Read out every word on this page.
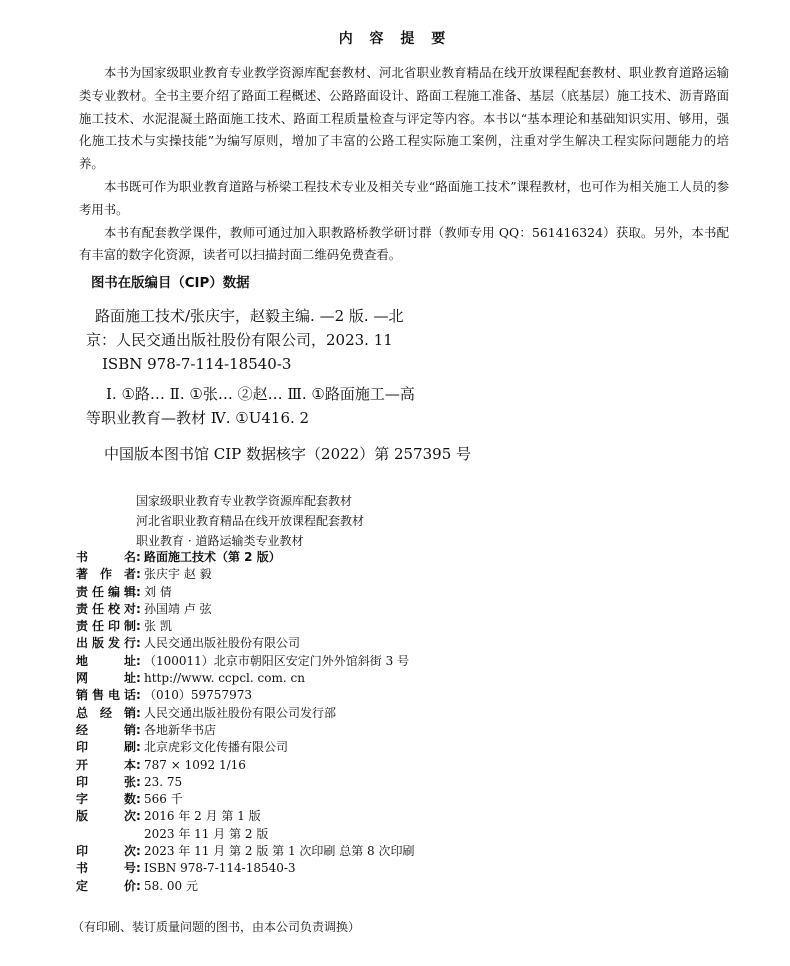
内 容 提 要

本书为国家级职业教育专业教学资源库配套教材、河北省职业教育精品在线开放课程配套教材、职业教育道路运输类专业教材。全书主要介绍了路面工程概述、公路路面设计、路面工程施工准备、基层（底基层）施工技术、沥青路面施工技术、水泥混凝土路面施工技术、路面工程质量检查与评定等内容。本书以“基本理论和基础知识实用、够用，强化施工技术与实操技能”为编写原则，增加了丰富的公路工程实际施工案例，注重对学生解决工程实际问题能力的培养。

本书既可作为职业教育道路与桥梁工程技术专业及相关专业“路面施工技术”课程教材，也可作为相关施工人员的参考用书。

本书有配套教学课件，教师可通过加入职教路桥教学研讨群（教师专用 QQ：561416324）获取。另外，本书配有丰富的数字化资源，读者可以扫描封面二维码免费查看。

图书在版编目（CIP）数据

路面施工技术/张庆宇，赵毅主编. —2 版. —北

京：人民交通出版社股份有限公司，2023. 11

ISBN 978-7-114-18540-3

Ⅰ. ①路… Ⅱ. ①张… ②赵… Ⅲ. ①路面施工—高

等职业教育—教材 Ⅳ. ①U416. 2

中国版本图书馆 CIP 数据核字（2022）第 257395 号
国家级职业教育专业教学资源库配套教材
河北省职业教育精品在线开放课程配套教材
职业教育 · 道路运输类专业教材
书 名 : 路面施工技术（第 2 版）
著 作 者 : 张庆宇 赵 毅
责任编辑 : 刘 倩
责任校对 : 孙国靖 卢 弦
责任印制 : 张 凯
出版发行 : 人民交通出版社股份有限公司
地 址 : （100011）北京市朝阳区安定门外外馆斜街 3 号
网 址 : http://www. ccpcl. com. cn
销售电话 : （010）59757973
总 经 销 : 人民交通出版社股份有限公司发行部
经 销 : 各地新华书店
印 刷 : 北京虎彩文化传播有限公司
开 本 : 787 × 1092 1/16
印 张 : 23. 75
字 数 : 566 千
版 次 : 2016 年 2 月 第 1 版
2023 年 11 月 第 2 版
印 次 : 2023 年 11 月 第 2 版 第 1 次印刷 总第 8 次印刷
书 号 : ISBN 978-7-114-18540-3
定 价 : 58. 00 元
（有印刷、装订质量问题的图书，由本公司负责调换）
